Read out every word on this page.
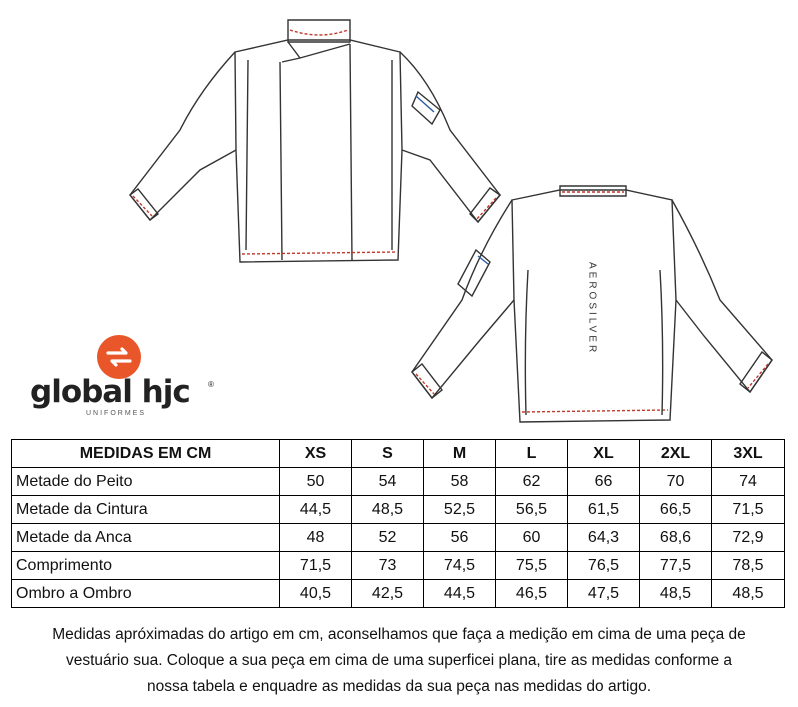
AEROSILVER
global hjc	®
UNIFORMES
MEDIDAS EM CM	XS	S	M	L	XL	2XL	3XL
Metade do Peito	50	54	58	62	66	70	74
Metade da Cintura	44,5	48,5	52,5	56,5	61,5	66,5	71,5
Metade da Anca	48	52	56	60	64,3	68,6	72,9
Comprimento	71,5	73	74,5	75,5	76,5	77,5	78,5
Ombro a Ombro	40,5	42,5	44,5	46,5	47,5	48,5	48,5
Medidas apróximadas do artigo em cm, aconselhamos que faça a medição em cima de uma peça de
vestuário sua. Coloque a sua peça em cima de uma superficei plana, tire as medidas conforme a
nossa tabela e enquadre as medidas da sua peça nas medidas do artigo.
